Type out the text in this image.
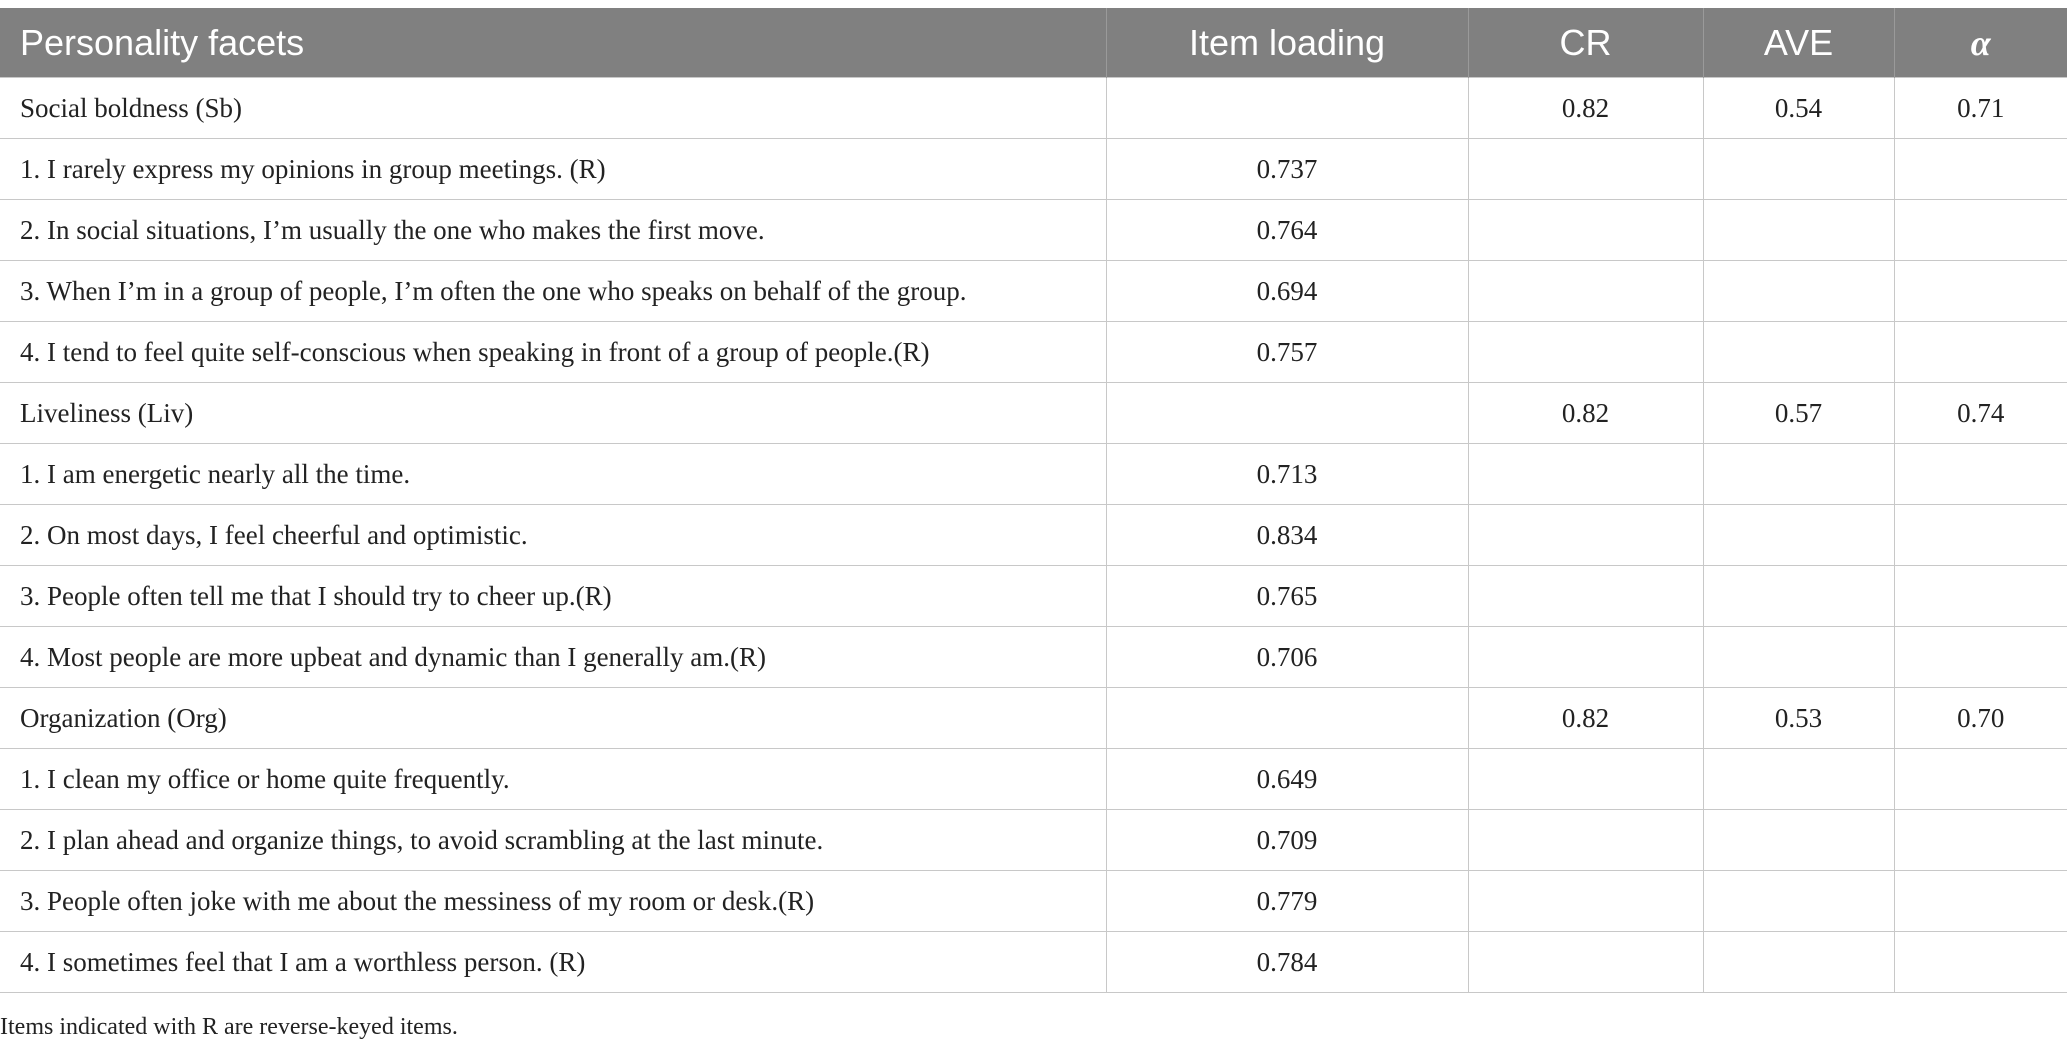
Personality facets	Item loading	CR	AVE	α
Social boldness (Sb)		0.82	0.54	0.71
1. I rarely express my opinions in group meetings. (R)	0.737			
2. In social situations, I’m usually the one who makes the first move.	0.764			
3. When I’m in a group of people, I’m often the one who speaks on behalf of the group.	0.694			
4. I tend to feel quite self-conscious when speaking in front of a group of people.(R)	0.757			
Liveliness (Liv)		0.82	0.57	0.74
1. I am energetic nearly all the time.	0.713			
2. On most days, I feel cheerful and optimistic.	0.834			
3. People often tell me that I should try to cheer up.(R)	0.765			
4. Most people are more upbeat and dynamic than I generally am.(R)	0.706			
Organization (Org)		0.82	0.53	0.70
1. I clean my office or home quite frequently.	0.649			
2. I plan ahead and organize things, to avoid scrambling at the last minute.	0.709			
3. People often joke with me about the messiness of my room or desk.(R)	0.779			
4. I sometimes feel that I am a worthless person. (R)	0.784			
Items indicated with R are reverse-keyed items.
